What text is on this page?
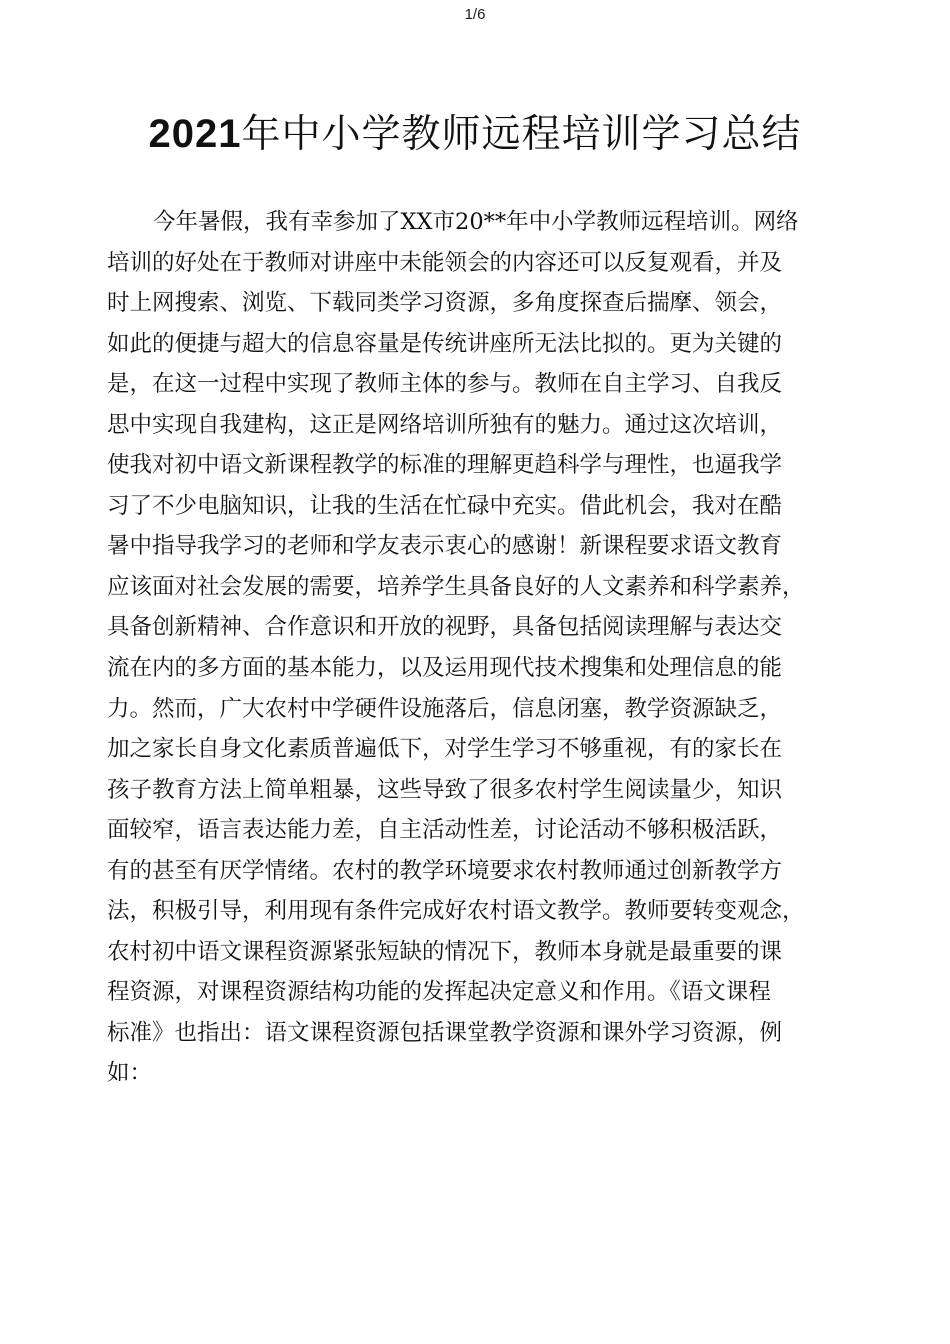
1/6
2021年中小学教师远程培训学习总结
今年暑假，我有幸参加了XX市20**年中小学教师远程培训。网络
培训的好处在于教师对讲座中未能领会的内容还可以反复观看，并及
时上网搜索、浏览、下载同类学习资源，多角度探查后揣摩、领会，
如此的便捷与超大的信息容量是传统讲座所无法比拟的。更为关键的
是，在这一过程中实现了教师主体的参与。教师在自主学习、自我反
思中实现自我建构，这正是网络培训所独有的魅力。通过这次培训，
使我对初中语文新课程教学的标准的理解更趋科学与理性，也逼我学
习了不少电脑知识，让我的生活在忙碌中充实。借此机会，我对在酷
暑中指导我学习的老师和学友表示衷心的感谢！新课程要求语文教育
应该面对社会发展的需要，培养学生具备良好的人文素养和科学素养，
具备创新精神、合作意识和开放的视野，具备包括阅读理解与表达交
流在内的多方面的基本能力，以及运用现代技术搜集和处理信息的能
力。然而，广大农村中学硬件设施落后，信息闭塞，教学资源缺乏，
加之家长自身文化素质普遍低下，对学生学习不够重视，有的家长在
孩子教育方法上简单粗暴，这些导致了很多农村学生阅读量少，知识
面较窄，语言表达能力差，自主活动性差，讨论活动不够积极活跃，
有的甚至有厌学情绪。农村的教学环境要求农村教师通过创新教学方
法，积极引导，利用现有条件完成好农村语文教学。教师要转变观念，
农村初中语文课程资源紧张短缺的情况下，教师本身就是最重要的课
程资源，对课程资源结构功能的发挥起决定意义和作用。《语文课程
标准》也指出：语文课程资源包括课堂教学资源和课外学习资源，例
如：
